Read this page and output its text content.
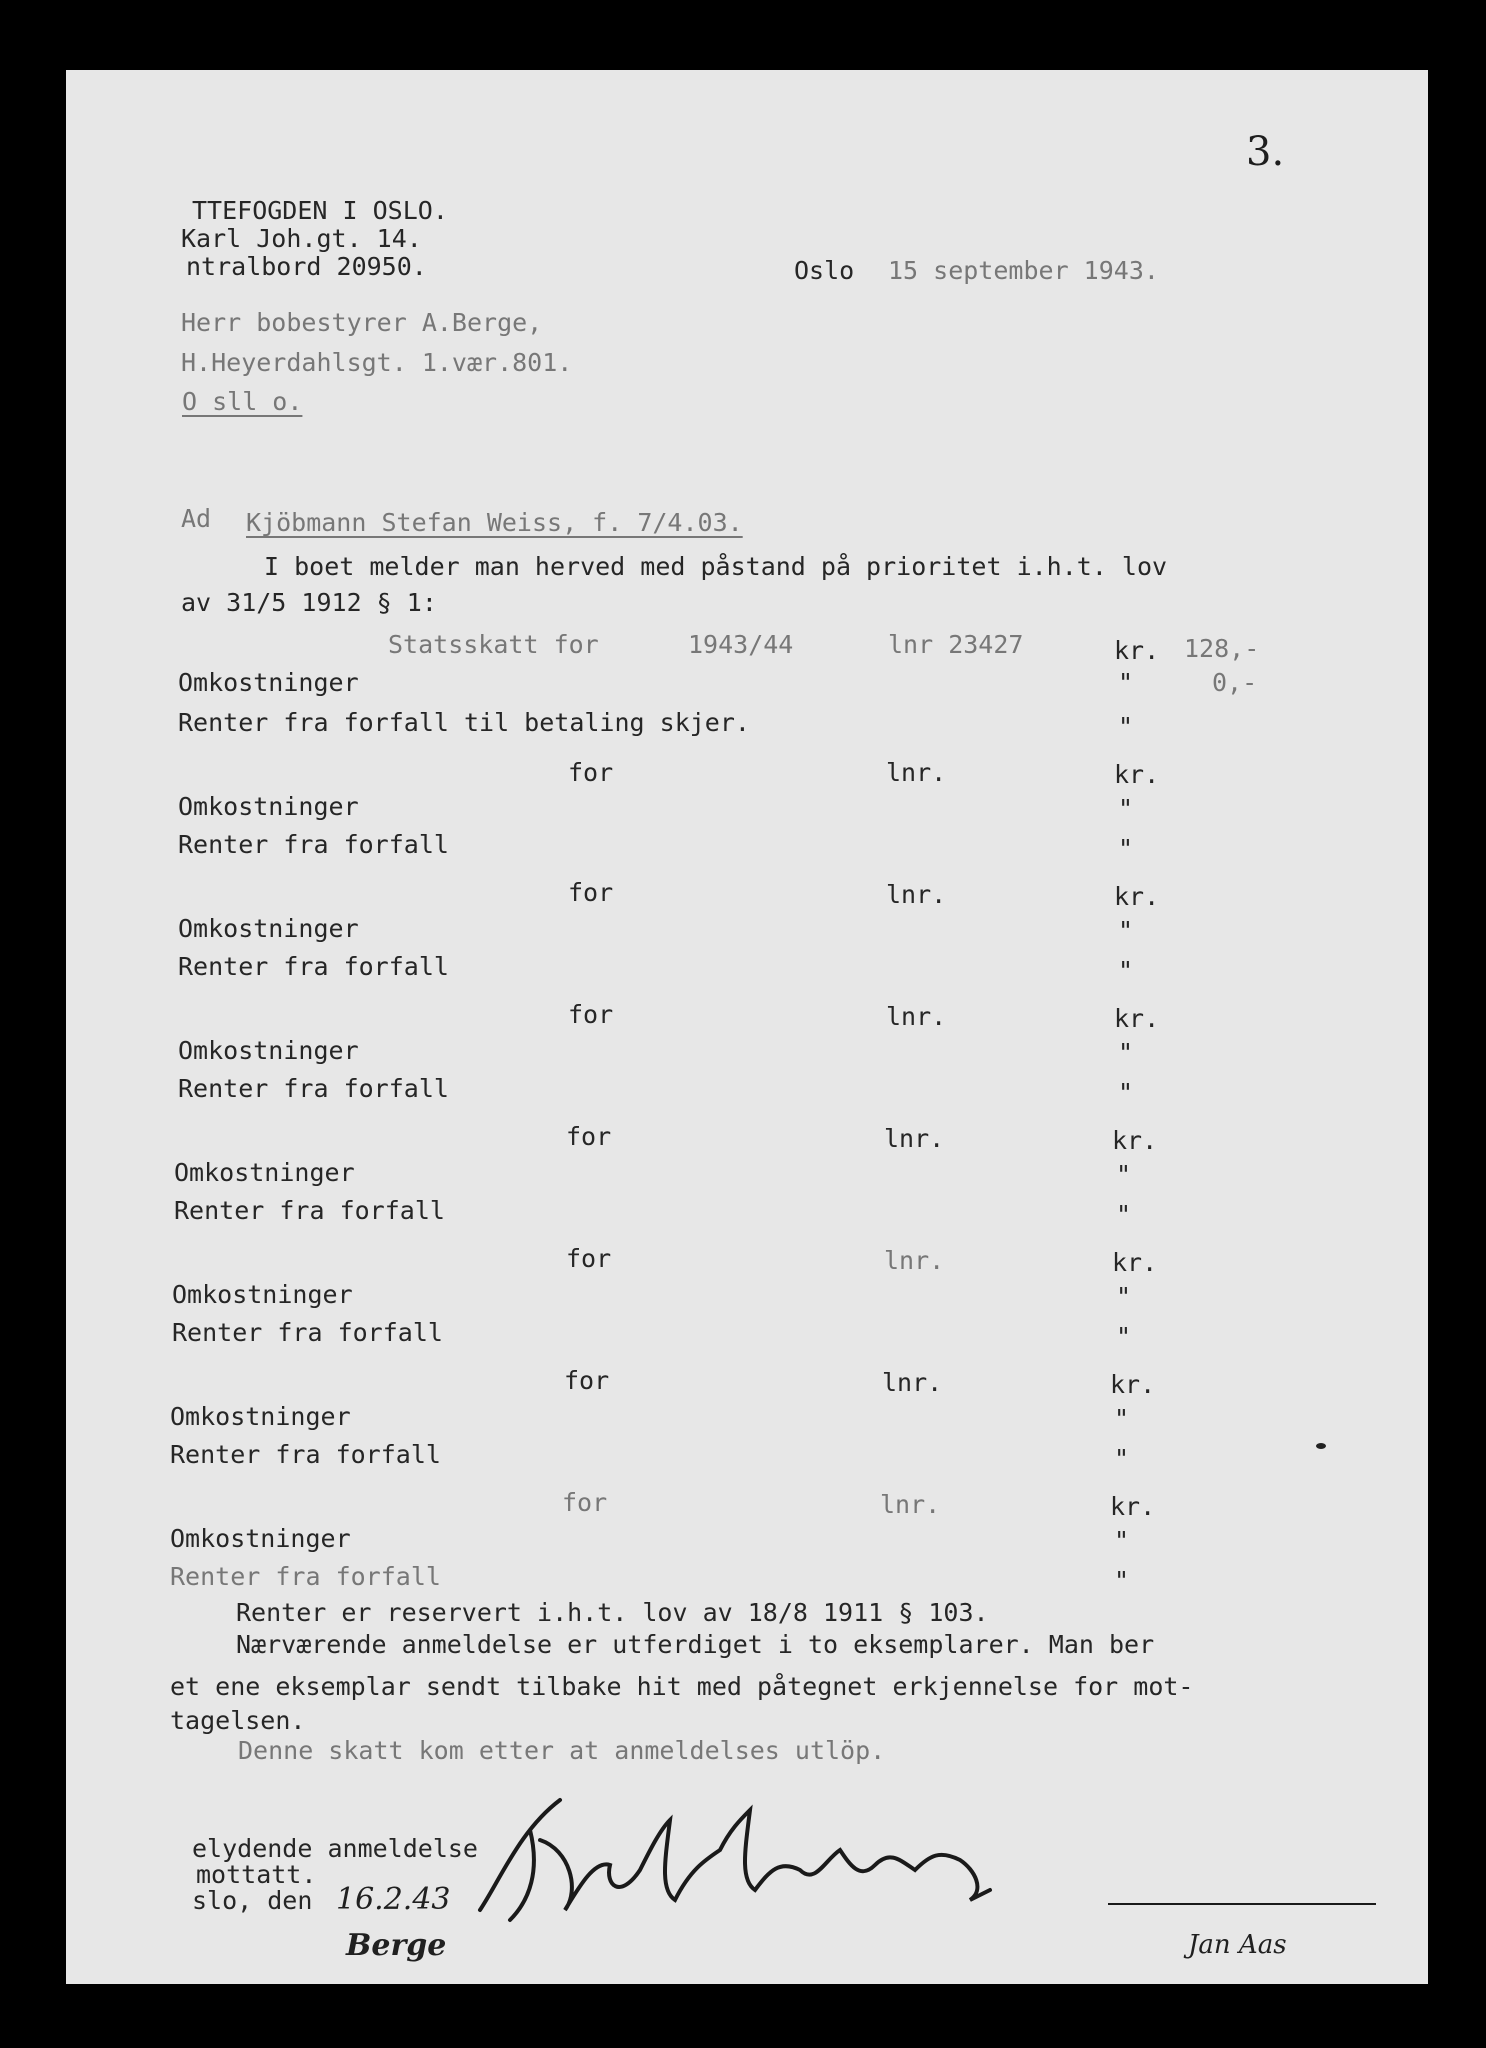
3.
TTEFOGDEN I OSLO.
Karl Joh.gt. 14.
ntralbord 20950.	Oslo 15 september 1943.
Herr bobestyrer A.Berge,
H.Heyerdahlsgt. 1.vær.801.
O sll o.
Ad Kjöbmann Stefan Weiss, f. 7/4.03.
I boet melder man herved med påstand på prioritet i.h.t. lov
av 31/5 1912 § 1:
Statsskatt for	1943/44	lnr 23427	kr. 128,-
Omkostninger	"	0,-
Renter fra forfall til betaling skjer.	"
for	lnr.	kr.
Omkostninger	"
Renter fra forfall	"
for	lnr.	kr.
Omkostninger	"
Renter fra forfall	"
for	lnr.	kr.
Omkostninger	"
Renter fra forfall	"
for	lnr.	kr.
Omkostninger	"
Renter fra forfall	"
for	lnr.	kr.
Omkostninger	"
Renter fra forfall	"
for	lnr.	kr.
Omkostninger	"
Renter fra forfall	"
for	lnr.	kr.
Omkostninger	"
Renter fra forfall	"
Renter er reservert i.h.t. lov av 18/8 1911 § 103.
Nærværende anmeldelse er utferdiget i to eksemplarer. Man ber
et ene eksemplar sendt tilbake hit med påtegnet erkjennelse for mot-
tagelsen.
Denne skatt kom etter at anmeldelses utlöp.
elydende anmeldelse
mottatt.
slo, den 16.2.43
Berge	Jan Aas
